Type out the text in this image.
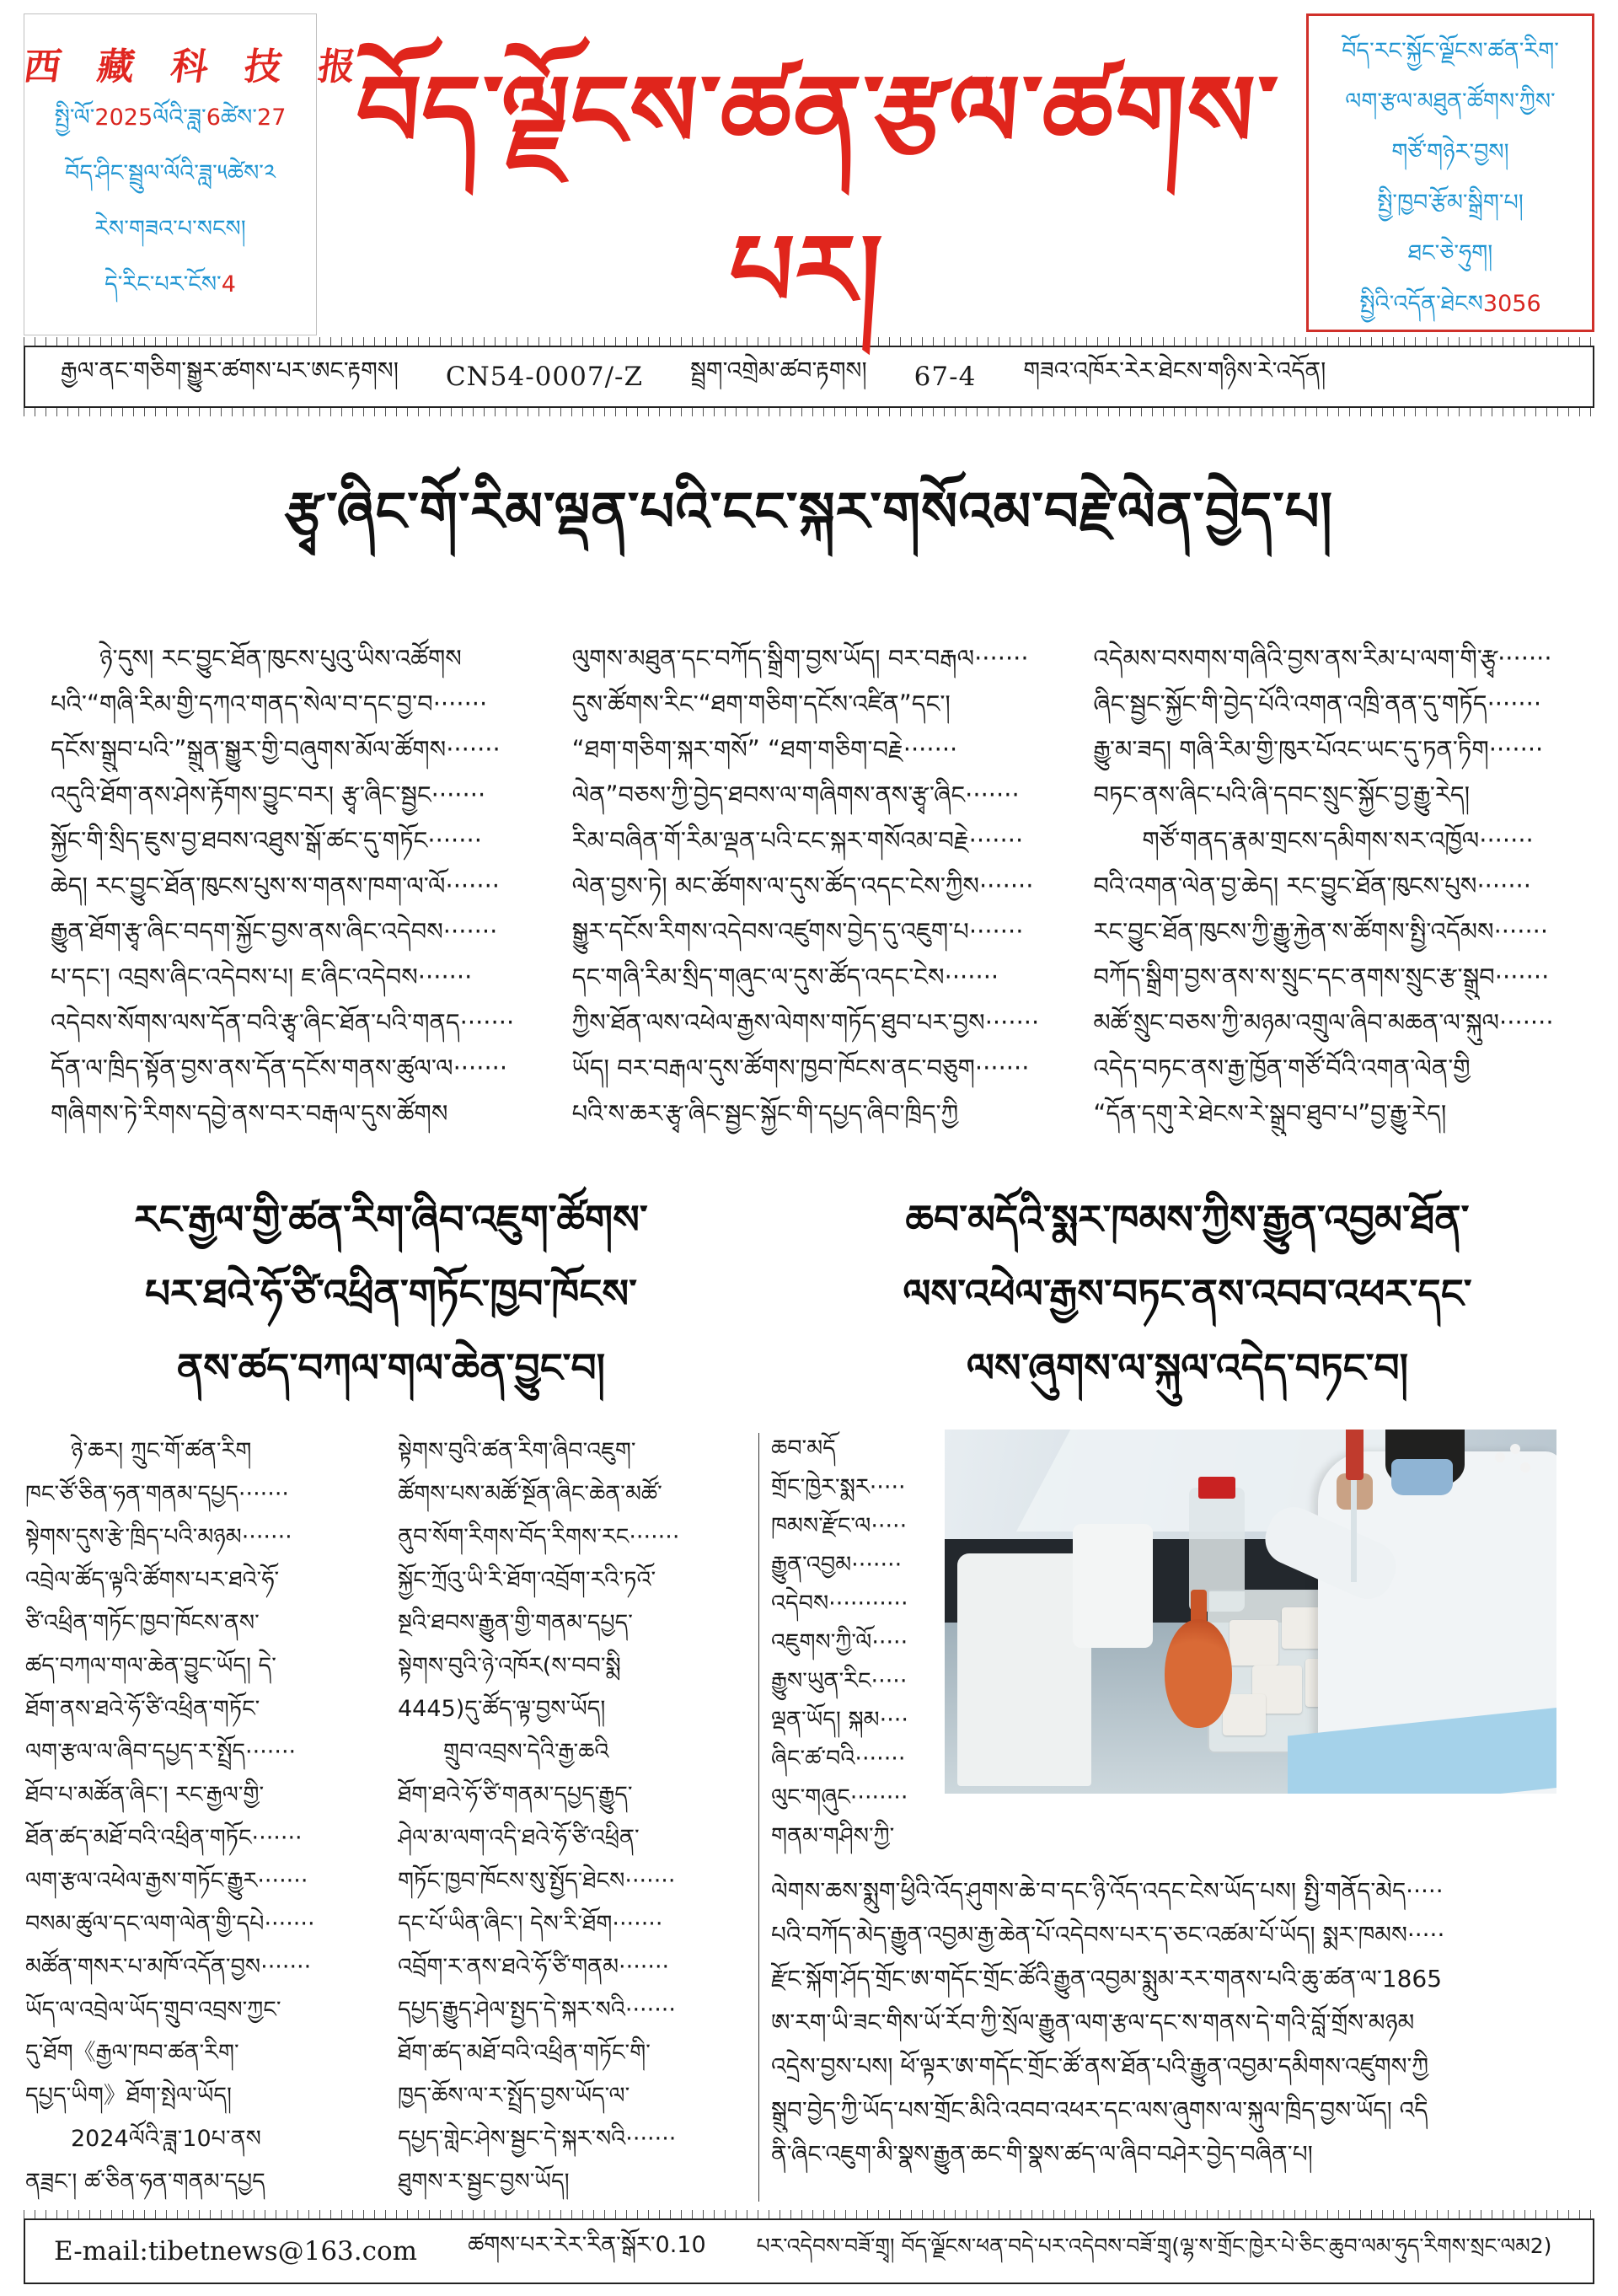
西 藏 科 技 报
སྤྱི་ལོ་2025ལོའི་ཟླ་6ཚེས་27
བོད་ཤིང་སྦྲུལ་ལོའི་ཟླ་༥ཚེས་༢
རེས་གཟའ་པ་སངས།
དེ་རིང་པར་ངོས་4
བོད་ལྗོངས་ཚན་རྩལ་ཚགས་པར།
བོད་རང་སྐྱོང་ལྗོངས་ཚན་རིག་
ལག་རྩལ་མཐུན་ཚོགས་ཀྱིས་
གཙོ་གཉེར་བྱས།
སྤྱི་ཁྱབ་རྩོམ་སྒྲིག་པ།
ཐང་ཅེ་ཧུག།
སྤྱིའི་འདོན་ཐེངས3056
རྒྱལ་ནང་གཅིག་སྒྱུར་ཚགས་པར་ཨང་རྟགས། CN54-0007/-Z སྦྲག་འགྲེམ་ཚབ་རྟགས། 67-4 གཟའ་འཁོར་རེར་ཐེངས་གཉིས་རེ་འདོན།
རྩྭ་ཞིང་གོ་རིམ་ལྡན་པའི་ངང་སྐར་གསོའམ་བརྗེ་ལེན་བྱེད་པ།

　　ཉེ་དུས། རང་བྱུང་ཐོན་ཁུངས་པུའུ་ཡིས་འཚོགས

པའི་“གཞི་རིམ་གྱི་དཀའ་གནད་སེལ་བ་དང་བྱ་བ·······

དངོས་སྒྲུབ་པའི་”སྒྲུན་སྒྱུར་གྱི་བཞུགས་མོལ་ཚོགས·······

འདུའི་ཐོག་ནས་ཤེས་རྟོགས་བྱུང་བར། རྩྭ་ཞིང་སྦྱང·······

སྐྱོང་གི་སྲིད་ཇུས་བྱ་ཐབས་འཐུས་སྒོ་ཚང་དུ་གཏོང·······

ཆེད། རང་བྱུང་ཐོན་ཁུངས་པུས་ས་གནས་ཁག་ལ་ལོ·······

རྒྱུན་ཐོག་རྩྭ་ཞིང་བདག་སྐྱོང་བྱས་ནས་ཞིང་འདེབས·······

པ་དང་། འབྲས་ཞིང་འདེབས་པ། ཇ་ཞིང་འདེབས·······

འདེབས་སོགས་ལས་དོན་བའི་རྩྭ་ཞིང་ཐོན་པའི་གནད·······

དོན་ལ་ཁྲིད་སྟོན་བྱས་ནས་དོན་དངོས་གནས་ཚུལ་ལ·······

གཞིགས་ཏེ་རིགས་དབྱེ་ནས་བར་བརྒལ་དུས་ཚོགས

ལུགས་མཐུན་དང་བཀོད་སྒྲིག་བྱས་ཡོད། བར་བརྒལ·······

དུས་ཚོགས་རིང་“ཐག་གཅིག་དངོས་འཛིན”དང་།

“ཐག་གཅིག་སྐར་གསོ” “ཐག་གཅིག་བརྗེ·······

ལེན”བཅས་ཀྱི་བྱེད་ཐབས་ལ་གཞིགས་ནས་རྩྭ་ཞིང·······

རིམ་བཞིན་གོ་རིམ་ལྡན་པའི་ངང་སྐར་གསོའམ་བརྗེ·······

ལེན་བྱས་ཏེ། མང་ཚོགས་ལ་དུས་ཚོད་འདང་ངེས་ཀྱིས·······

སྒྱུར་དངོས་རིགས་འདེབས་འཛུགས་བྱེད་དུ་འཇུག་པ·······

དང་གཞི་རིམ་སྲིད་གཞུང་ལ་དུས་ཚོད་འདང་ངེས·······

ཀྱིས་ཐོན་ལས་འཕེལ་རྒྱས་ལེགས་གཏོད་ཐུབ་པར་བྱས·······

ཡོད། བར་བརྒལ་དུས་ཚོགས་ཁྱབ་ཁོངས་ནང་བཅུག·······

པའི་ས་ཆར་རྩྭ་ཞིང་སྦྱང་སྐྱོང་གི་དཔྱད་ཞིབ་ཁྲིད་ཀྱི

འདེམས་བསགས་གཞིའི་བྱས་ནས་རིམ་པ་ལག་གི་རྩྭ·······

ཞིང་སྦྱང་སྐྱོང་གི་བྱེད་པོའི་འགན་འཁྲི་ནན་དུ་གཏོད·······

རྒྱུ་མ་ཟད། གཞི་རིམ་གྱི་ཁུར་པོའང་ཡང་དུ་ཏན་ཏིག·······

བཏང་ནས་ཞིང་པའི་ཞི་དབང་སྲུང་སྐྱོང་བྱ་རྒྱུ་རེད།

　　གཙོ་གནད་རྣམ་གྲངས་དམིགས་སར་འཁྱོལ·······

བའི་འགན་ལེན་བྱ་ཆེད། རང་བྱུང་ཐོན་ཁུངས་པུས·······

རང་བྱུང་ཐོན་ཁུངས་ཀྱི་རྒྱུ་རྐྱེན་ས་ཚོགས་སྤྱི་འདོམས·······

བཀོད་སྒྲིག་བྱས་ནས་ས་སྲུང་དང་ནགས་སྲུང་རྩ་སྒྲུབ·······

མཚོ་སྲུང་བཅས་ཀྱི་མཉམ་འགྲུལ་ཞིབ་མཆན་ལ་སྐུལ·······

འདེད་བཏང་ནས་རྒྱ་ཁྱོན་གཙོ་བོའི་འགན་ལེན་གྱི

“དོན་དགུ་རེ་ཐེངས་རེ་སྒྲུབ་ཐུབ་པ”བྱ་རྒྱུ་རེད།

རང་རྒྱལ་གྱི་ཚན་རིག་ཞིབ་འཇུག་ཚོགས་
པར་ཐའེ་ཧོ་ཙི་འཕྲིན་གཏོང་ཁྱབ་ཁོངས་
ནས་ཚད་བཀལ་གལ་ཆེན་བྱུང་བ།
ཆབ་མདོའི་སྨར་ཁམས་ཀྱིས་རྒྱུན་འབྱམ་ཐོན་
ལས་འཕེལ་རྒྱས་བཏང་ནས་འབབ་འཕར་དང་
ལས་ཞུགས་ལ་སྐུལ་འདེད་བཏང་བ།

　　ཉེ་ཆར། ཀྲུང་གོ་ཚན་རིག

ཁང་ཙོ་ཅིན་ཧན་གནམ་དཔྱད·······

སྟེགས་དུས་རྩེ་ཁྲིད་པའི་མཉམ·······

འབྲེལ་ཚོད་ལྟའི་ཚོགས་པར་ཐའེ་ཧོ་

ཙི་འཕྲིན་གཏོང་ཁྱབ་ཁོངས་ནས་

ཚད་བཀལ་གལ་ཆེན་བྱུང་ཡོད། དེ་

ཐོག་ནས་ཐའེ་ཧོ་ཙི་འཕྲིན་གཏོང་

ལག་རྩལ་ལ་ཞིབ་དཔྱད་ར་སྤྲོད·······

ཐོབ་པ་མཚོན་ཞིང་། རང་རྒྱལ་གྱི་

ཐོན་ཚད་མཐོ་བའི་འཕྲིན་གཏོང·······

ལག་རྩལ་འཕེལ་རྒྱས་གཏོང་རྒྱུར·······

བསམ་ཚུལ་དང་ལག་ལེན་གྱི་དཔེ·······

མཚོན་གསར་པ་མཁོ་འདོན་བྱས·······

ཡོད་ལ་འབྲེལ་ཡོད་གྲུབ་འབྲས་ཀྱང་

དུ་ཐོག《རྒྱལ་ཁབ་ཚན་རིག་

དཔྱད་ཡིག》ཐོག་སྤེལ་ཡོད།

　　2024ལོའི་ཟླ་10པ་ནས

ནཟྲང་། ཚ་ཅིན་ཧན་གནམ་དཔྱད

སྟེགས་བུའི་ཚན་རིག་ཞིབ་འཇུག་

ཚོགས་པས་མཚོ་སྔོན་ཞིང་ཆེན་མཚོ་

ནུབ་སོག་རིགས་བོད་རིགས་རང·······

སྐྱོང་ཀྲོའུ་ཡི་རི་ཐོག་འབྲོག་རའི་ཏའོ་

སྔའི་ཐབས་རྒྱུན་གྱི་གནམ་དཔྱད་

སྟེགས་བུའི་ཉེ་འཁོར(ས་བབ་སྨི

4445)དུ་ཚོད་ལྟ་བྱས་ཡོད།

　　གྲུབ་འབྲས་དེའི་རྒྱ་ཆའི

ཐོག་ཐའེ་ཧོ་ཙི་གནམ་དཔྱད་རྒྱུད་

ཤེལ་མ་ལག་འདི་ཐའེ་ཧོ་ཙི་འཕྲིན་

གཏོང་ཁྱབ་ཁོངས་སུ་སྤྱོད་ཐེངས·······

དང་པོ་ཡིན་ཞིང་། དེས་རི་ཐོག·······

འབྲོག་ར་ནས་ཐའེ་ཧོ་ཙི་གནམ·······

དཔྱད་རྒྱུད་ཤེལ་སྤྱད་དེ་སྐར་སའི·······

ཐོག་ཚད་མཐོ་བའི་འཕྲིན་གཏོང་གི་

ཁྱད་ཆོས་ལ་ར་སྤྲོད་བྱས་ཡོད་ལ་

དཔྱད་གླེང་ཤེས་སྦྱང་དེ་སྐར་སའི·······

ཐུགས་ར་སྦྱང་བྱས་ཡོད།

ཆབ་མདོ

གྲོང་ཁྱེར་སྨར·····

ཁམས་རྫོང་ལ·····

རྒྱུན་འབྱམ·······

འདེབས···········

འཇུགས་ཀྱི་ལོ·····

རྒྱུས་ཡུན་རིང·····

ལྡན་ཡོད། སྐམ····

ཞིང་ཚ་བའི·······

ལུང་གཞུང········

གནམ་གཤིས་ཀྱི་

ལེགས་ཆས་སྨུག་ཕྱིའི་འོད་ཤུགས་ཆེ་བ་དང་ཉི་འོད་འདང་ངེས་ཡོད་པས། སྤྱི་གནོད་མེད·····

པའི་བཀོད་མེད་རྒྱུན་འབྱམ་རྒྱ་ཆེན་པོ་འདེབས་པར་ད་ཅང་འཚམ་པོ་ཡོད། སྨར་ཁམས·····

རྫོང་སྐོག་ཤོད་གྲོང་ཨ་གདོང་གྲོང་ཚོའི་རྒྱུན་འབྱམ་སྨུམ་རར་གནས་པའི་ཆུ་ཚན་ལ་1865

ཨ་རག་ཡི་ཟང་གིས་ཡོ་རོབ་ཀྱི་སྲོལ་རྒྱུན་ལག་རྩལ་དང་ས་གནས་དེ་གའི་བློ་གྲོས་མཉམ

འདྲེས་བྱས་པས། ཕོ་ལྟར་ཨ་གདོང་གྲོང་ཚོ་ནས་ཐོན་པའི་རྒྱུན་འབྱམ་དམིགས་འཛུགས་ཀྱི

སྒྲུབ་བྱེད་ཀྱི་ཡོད་པས་གྲོང་མིའི་འབབ་འཕར་དང་ལས་ཞུགས་ལ་སྐུལ་ཁྲིད་བྱས་ཡོད། འདི

ནི་ཞིང་འཇུག་མི་སྣས་རྒྱུན་ཆང་གི་སྣས་ཚད་ལ་ཞིབ་བཤེར་བྱེད་བཞིན་པ།

E-mail:tibetnews@163.com ཚགས་པར་རེར་རིན་སྒོར་0.10 པར་འདེབས་བཟོ་གྲྭ། བོད་ལྗོངས་ཕན་བདེ་པར་འདེབས་བཟོ་གྲྭ(ལྷ་ས་གྲོང་ཁྱེར་པེ་ཅིང་ཆུབ་ལམ་ཧུད་རིགས་སྲང་ལམ2)
